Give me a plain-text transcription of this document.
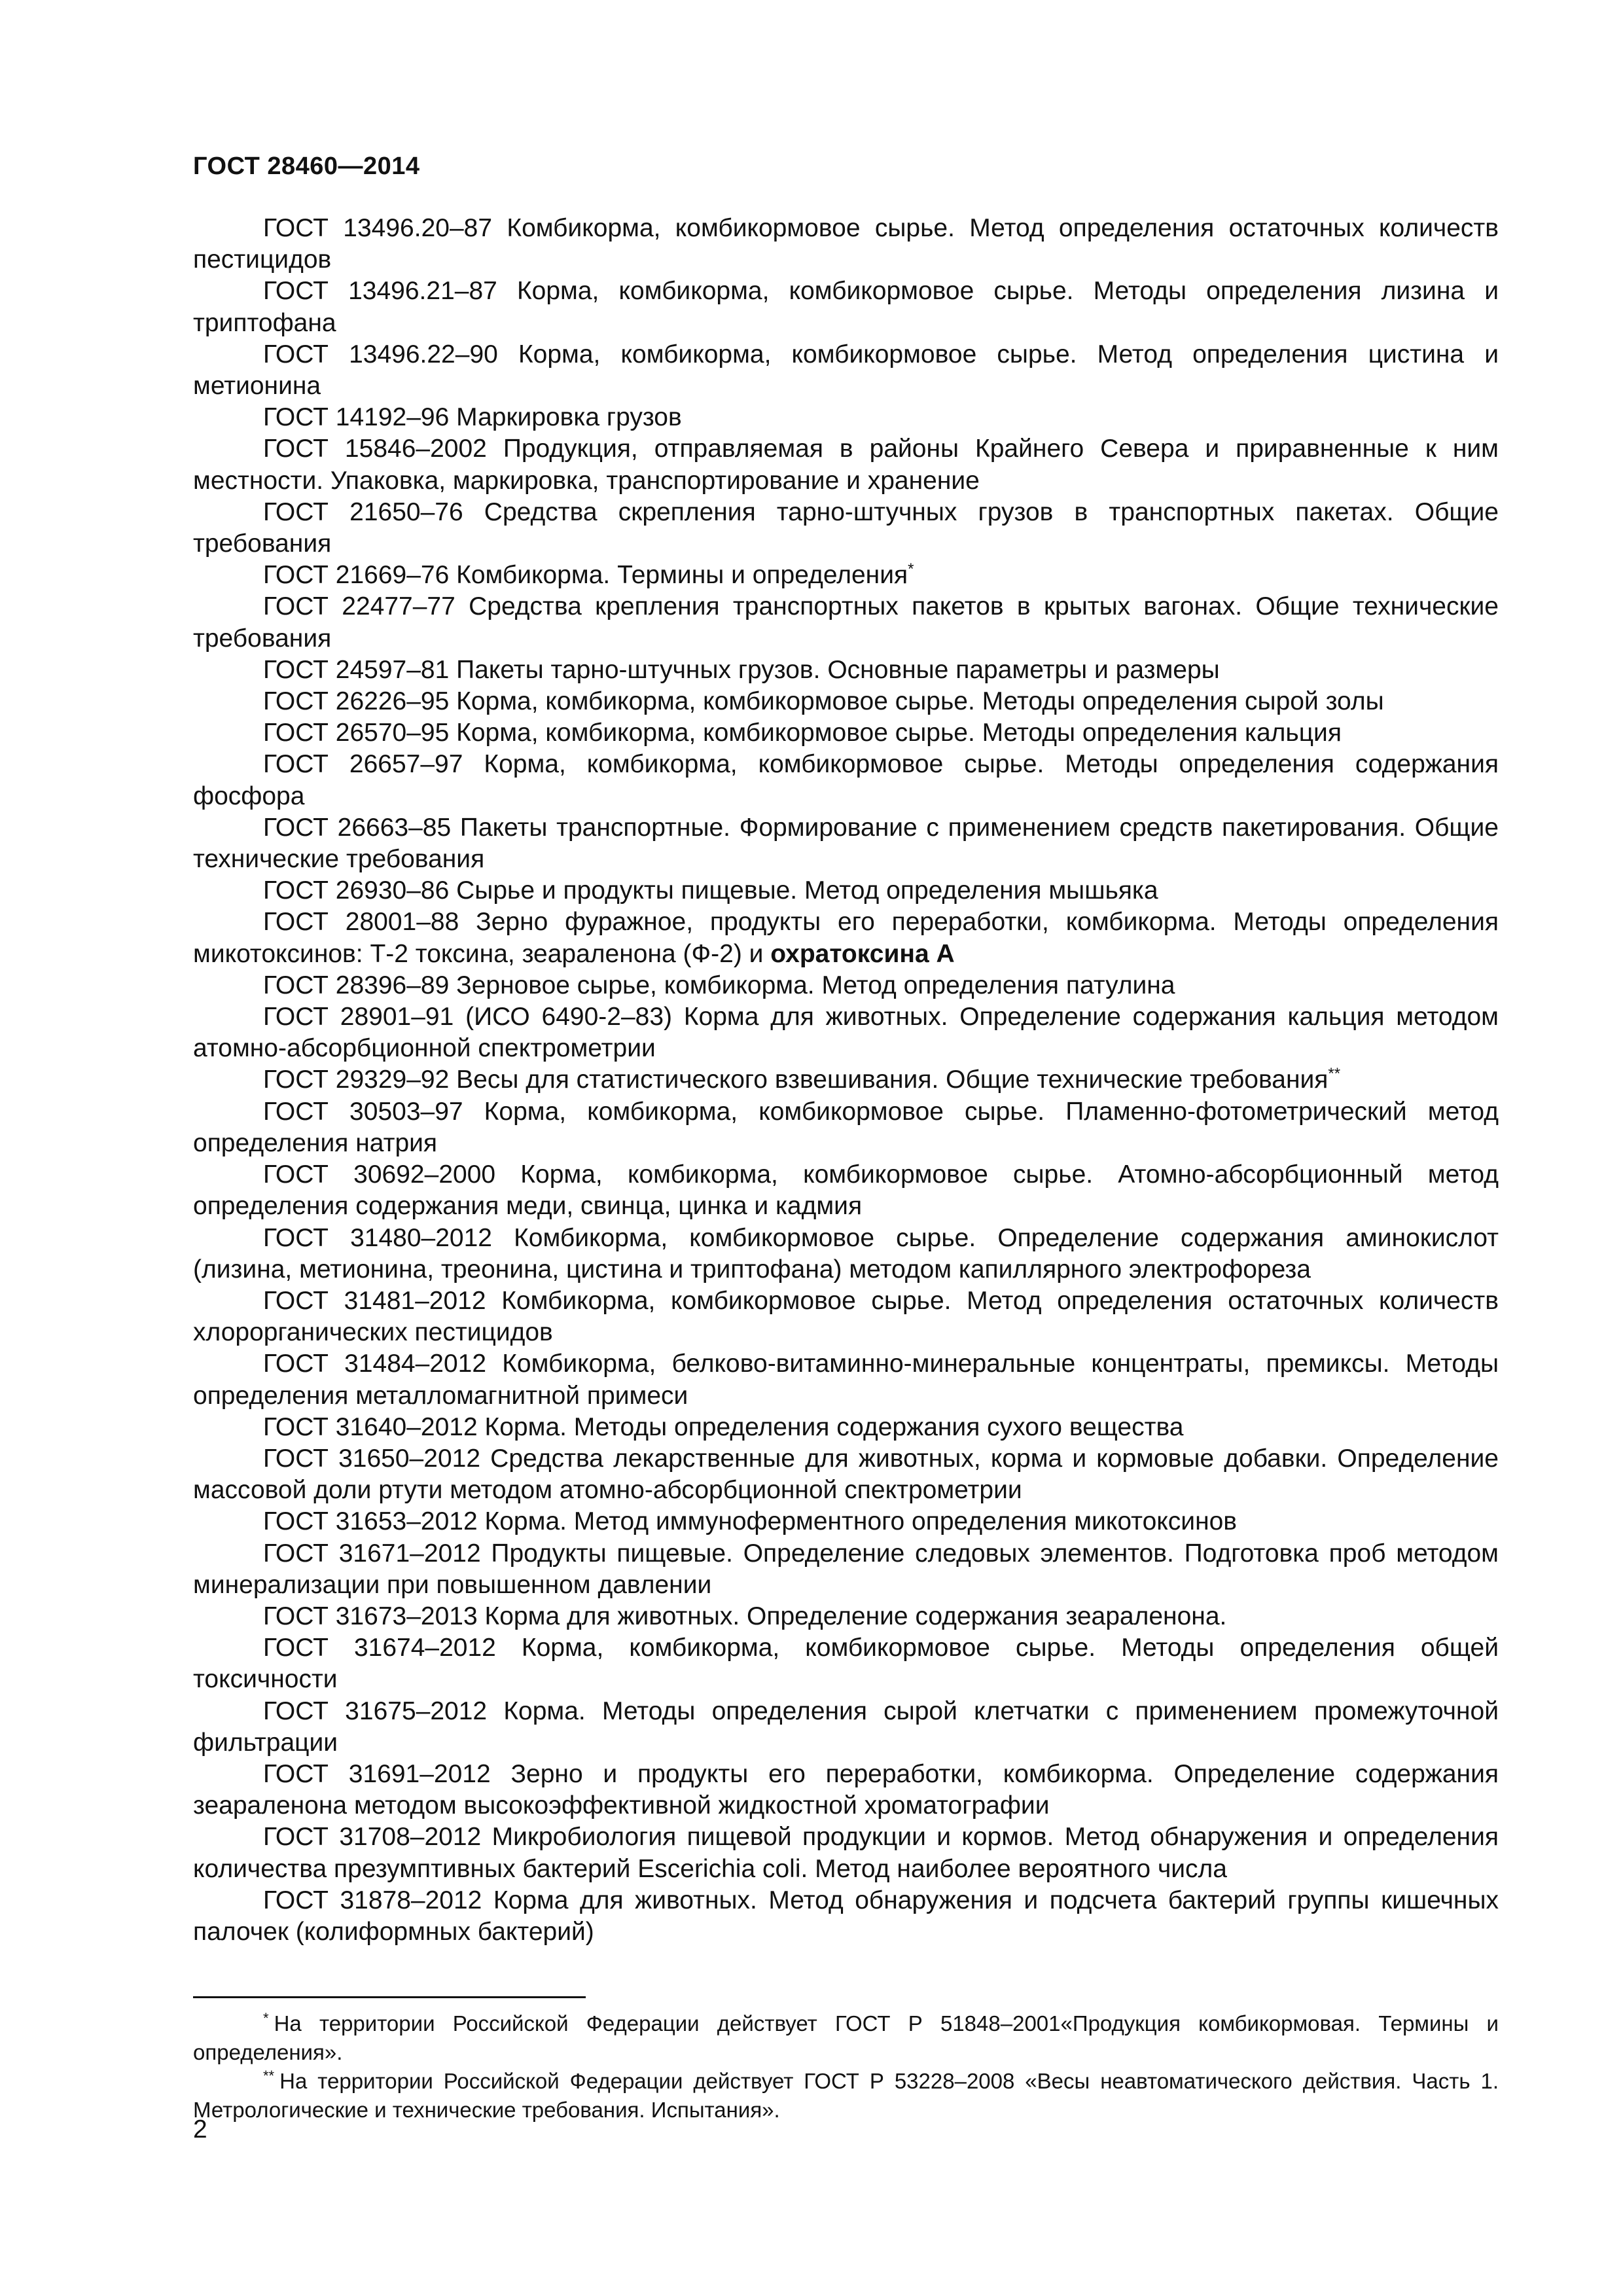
ГОСТ 28460—2014

ГОСТ 13496.20–87 Комбикорма, комбикормовое сырье. Метод определения остаточных количеств пестицидов

ГОСТ 13496.21–87 Корма, комбикорма, комбикормовое сырье. Методы определения лизина и триптофана

ГОСТ 13496.22–90 Корма, комбикорма, комбикормовое сырье. Метод определения цистина и метионина

ГОСТ 14192–96 Маркировка грузов

ГОСТ 15846–2002 Продукция, отправляемая в районы Крайнего Севера и приравненные к ним местности. Упаковка, маркировка, транспортирование и хранение

ГОСТ 21650–76 Средства скрепления тарно-штучных грузов в транспортных пакетах. Общие требования

ГОСТ 21669–76 Комбикорма. Термины и определения*

ГОСТ 22477–77 Средства крепления транспортных пакетов в крытых вагонах. Общие технические требования

ГОСТ 24597–81 Пакеты тарно-штучных грузов. Основные параметры и размеры

ГОСТ 26226–95 Корма, комбикорма, комбикормовое сырье. Методы определения сырой золы

ГОСТ 26570–95 Корма, комбикорма, комбикормовое сырье. Методы определения кальция

ГОСТ 26657–97 Корма, комбикорма, комбикормовое сырье. Методы определения содержания фосфора

ГОСТ 26663–85 Пакеты транспортные. Формирование с применением средств пакетирования. Общие технические требования

ГОСТ 26930–86 Сырье и продукты пищевые. Метод определения мышьяка

ГОСТ 28001–88 Зерно фуражное, продукты его переработки, комбикорма. Методы определения микотоксинов: Т-2 токсина, зеараленона (Ф-2) и охратоксина А

ГОСТ 28396–89 Зерновое сырье, комбикорма. Метод определения патулина

ГОСТ 28901–91 (ИСО 6490-2–83) Корма для животных. Определение содержания кальция методом атомно-абсорбционной спектрометрии

ГОСТ 29329–92 Весы для статистического взвешивания. Общие технические требования**

ГОСТ 30503–97 Корма, комбикорма, комбикормовое сырье. Пламенно-фотометрический метод определения натрия

ГОСТ 30692–2000 Корма, комбикорма, комбикормовое сырье. Атомно-абсорбционный метод определения содержания меди, свинца, цинка и кадмия

ГОСТ 31480–2012 Комбикорма, комбикормовое сырье. Определение содержания аминокислот (лизина, метионина, треонина, цистина и триптофана) методом капиллярного электрофореза

ГОСТ 31481–2012 Комбикорма, комбикормовое сырье. Метод определения остаточных количеств хлорорганических пестицидов

ГОСТ 31484–2012 Комбикорма, белково-витаминно-минеральные концентраты, премиксы. Методы определения металломагнитной примеси

ГОСТ 31640–2012 Корма. Методы определения содержания сухого вещества

ГОСТ 31650–2012 Средства лекарственные для животных, корма и кормовые добавки. Определение массовой доли ртути методом атомно-абсорбционной спектрометрии

ГОСТ 31653–2012 Корма. Метод иммуноферментного определения микотоксинов

ГОСТ 31671–2012 Продукты пищевые. Определение следовых элементов. Подготовка проб методом минерализации при повышенном давлении

ГОСТ 31673–2013 Корма для животных. Определение содержания зеараленона.

ГОСТ 31674–2012 Корма, комбикорма, комбикормовое сырье. Методы определения общей токсичности

ГОСТ 31675–2012 Корма. Методы определения сырой клетчатки с применением промежуточной фильтрации

ГОСТ 31691–2012 Зерно и продукты его переработки, комбикорма. Определение содержания зеараленона методом высокоэффективной жидкостной хроматографии

ГОСТ 31708–2012 Микробиология пищевой продукции и кормов. Метод обнаружения и определения количества презумптивных бактерий Escerichia coli. Метод наиболее вероятного числа

ГОСТ 31878–2012 Корма для животных. Метод обнаружения и подсчета бактерий группы кишечных палочек (колиформных бактерий)

* На территории Российской Федерации действует ГОСТ Р 51848–2001«Продукция комбикормовая. Термины и определения».

** На территории Российской Федерации действует ГОСТ Р 53228–2008 «Весы неавтоматического действия. Часть 1. Метрологические и технические требования. Испытания».

2
